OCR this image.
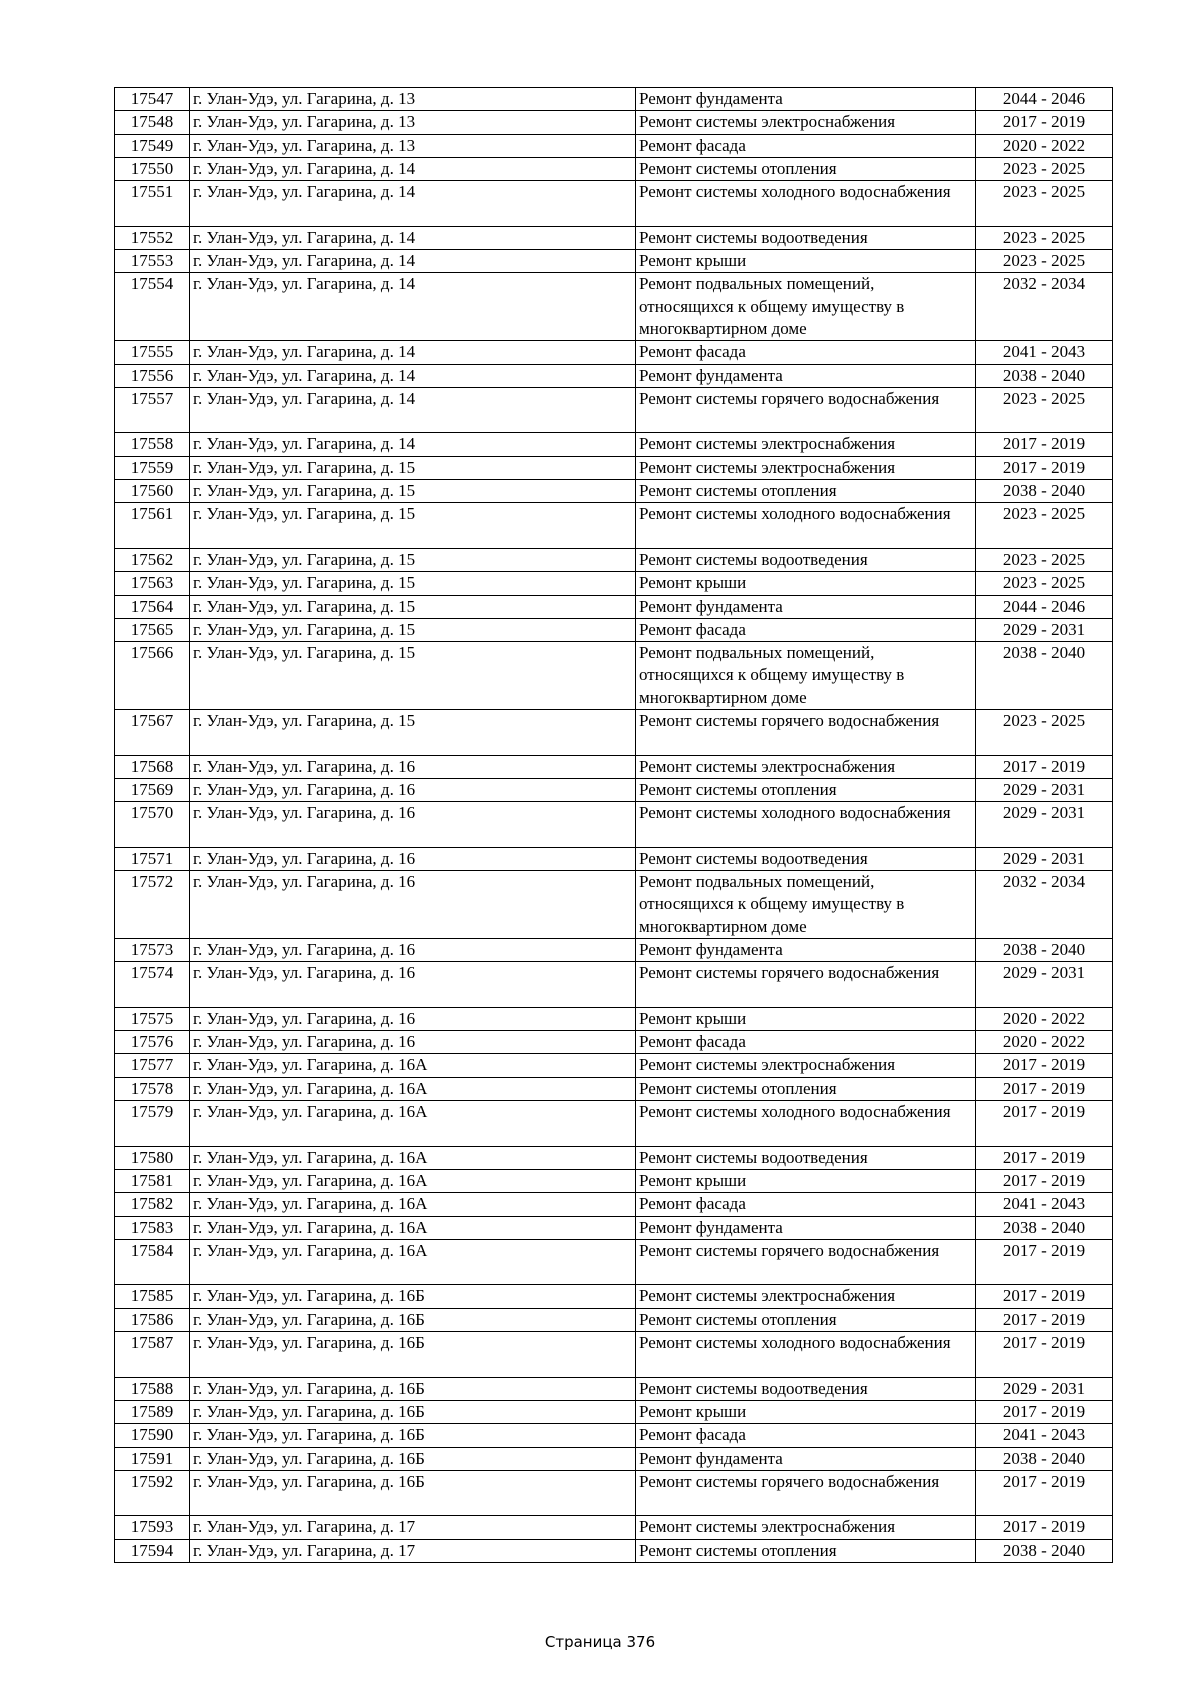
17547	г. Улан-Удэ, ул. Гагарина, д. 13	Ремонт фундамента	2044 - 2046
17548	г. Улан-Удэ, ул. Гагарина, д. 13	Ремонт системы электроснабжения	2017 - 2019
17549	г. Улан-Удэ, ул. Гагарина, д. 13	Ремонт фасада	2020 - 2022
17550	г. Улан-Удэ, ул. Гагарина, д. 14	Ремонт системы отопления	2023 - 2025
17551	г. Улан-Удэ, ул. Гагарина, д. 14	Ремонт системы холодного водоснабжения	2023 - 2025
17552	г. Улан-Удэ, ул. Гагарина, д. 14	Ремонт системы водоотведения	2023 - 2025
17553	г. Улан-Удэ, ул. Гагарина, д. 14	Ремонт крыши	2023 - 2025
17554	г. Улан-Удэ, ул. Гагарина, д. 14	Ремонт подвальных помещений, относящихся к общему имуществу в многоквартирном доме	2032 - 2034
17555	г. Улан-Удэ, ул. Гагарина, д. 14	Ремонт фасада	2041 - 2043
17556	г. Улан-Удэ, ул. Гагарина, д. 14	Ремонт фундамента	2038 - 2040
17557	г. Улан-Удэ, ул. Гагарина, д. 14	Ремонт системы горячего водоснабжения	2023 - 2025
17558	г. Улан-Удэ, ул. Гагарина, д. 14	Ремонт системы электроснабжения	2017 - 2019
17559	г. Улан-Удэ, ул. Гагарина, д. 15	Ремонт системы электроснабжения	2017 - 2019
17560	г. Улан-Удэ, ул. Гагарина, д. 15	Ремонт системы отопления	2038 - 2040
17561	г. Улан-Удэ, ул. Гагарина, д. 15	Ремонт системы холодного водоснабжения	2023 - 2025
17562	г. Улан-Удэ, ул. Гагарина, д. 15	Ремонт системы водоотведения	2023 - 2025
17563	г. Улан-Удэ, ул. Гагарина, д. 15	Ремонт крыши	2023 - 2025
17564	г. Улан-Удэ, ул. Гагарина, д. 15	Ремонт фундамента	2044 - 2046
17565	г. Улан-Удэ, ул. Гагарина, д. 15	Ремонт фасада	2029 - 2031
17566	г. Улан-Удэ, ул. Гагарина, д. 15	Ремонт подвальных помещений, относящихся к общему имуществу в многоквартирном доме	2038 - 2040
17567	г. Улан-Удэ, ул. Гагарина, д. 15	Ремонт системы горячего водоснабжения	2023 - 2025
17568	г. Улан-Удэ, ул. Гагарина, д. 16	Ремонт системы электроснабжения	2017 - 2019
17569	г. Улан-Удэ, ул. Гагарина, д. 16	Ремонт системы отопления	2029 - 2031
17570	г. Улан-Удэ, ул. Гагарина, д. 16	Ремонт системы холодного водоснабжения	2029 - 2031
17571	г. Улан-Удэ, ул. Гагарина, д. 16	Ремонт системы водоотведения	2029 - 2031
17572	г. Улан-Удэ, ул. Гагарина, д. 16	Ремонт подвальных помещений, относящихся к общему имуществу в многоквартирном доме	2032 - 2034
17573	г. Улан-Удэ, ул. Гагарина, д. 16	Ремонт фундамента	2038 - 2040
17574	г. Улан-Удэ, ул. Гагарина, д. 16	Ремонт системы горячего водоснабжения	2029 - 2031
17575	г. Улан-Удэ, ул. Гагарина, д. 16	Ремонт крыши	2020 - 2022
17576	г. Улан-Удэ, ул. Гагарина, д. 16	Ремонт фасада	2020 - 2022
17577	г. Улан-Удэ, ул. Гагарина, д. 16А	Ремонт системы электроснабжения	2017 - 2019
17578	г. Улан-Удэ, ул. Гагарина, д. 16А	Ремонт системы отопления	2017 - 2019
17579	г. Улан-Удэ, ул. Гагарина, д. 16А	Ремонт системы холодного водоснабжения	2017 - 2019
17580	г. Улан-Удэ, ул. Гагарина, д. 16А	Ремонт системы водоотведения	2017 - 2019
17581	г. Улан-Удэ, ул. Гагарина, д. 16А	Ремонт крыши	2017 - 2019
17582	г. Улан-Удэ, ул. Гагарина, д. 16А	Ремонт фасада	2041 - 2043
17583	г. Улан-Удэ, ул. Гагарина, д. 16А	Ремонт фундамента	2038 - 2040
17584	г. Улан-Удэ, ул. Гагарина, д. 16А	Ремонт системы горячего водоснабжения	2017 - 2019
17585	г. Улан-Удэ, ул. Гагарина, д. 16Б	Ремонт системы электроснабжения	2017 - 2019
17586	г. Улан-Удэ, ул. Гагарина, д. 16Б	Ремонт системы отопления	2017 - 2019
17587	г. Улан-Удэ, ул. Гагарина, д. 16Б	Ремонт системы холодного водоснабжения	2017 - 2019
17588	г. Улан-Удэ, ул. Гагарина, д. 16Б	Ремонт системы водоотведения	2029 - 2031
17589	г. Улан-Удэ, ул. Гагарина, д. 16Б	Ремонт крыши	2017 - 2019
17590	г. Улан-Удэ, ул. Гагарина, д. 16Б	Ремонт фасада	2041 - 2043
17591	г. Улан-Удэ, ул. Гагарина, д. 16Б	Ремонт фундамента	2038 - 2040
17592	г. Улан-Удэ, ул. Гагарина, д. 16Б	Ремонт системы горячего водоснабжения	2017 - 2019
17593	г. Улан-Удэ, ул. Гагарина, д. 17	Ремонт системы электроснабжения	2017 - 2019
17594	г. Улан-Удэ, ул. Гагарина, д. 17	Ремонт системы отопления	2038 - 2040
Страница 376
